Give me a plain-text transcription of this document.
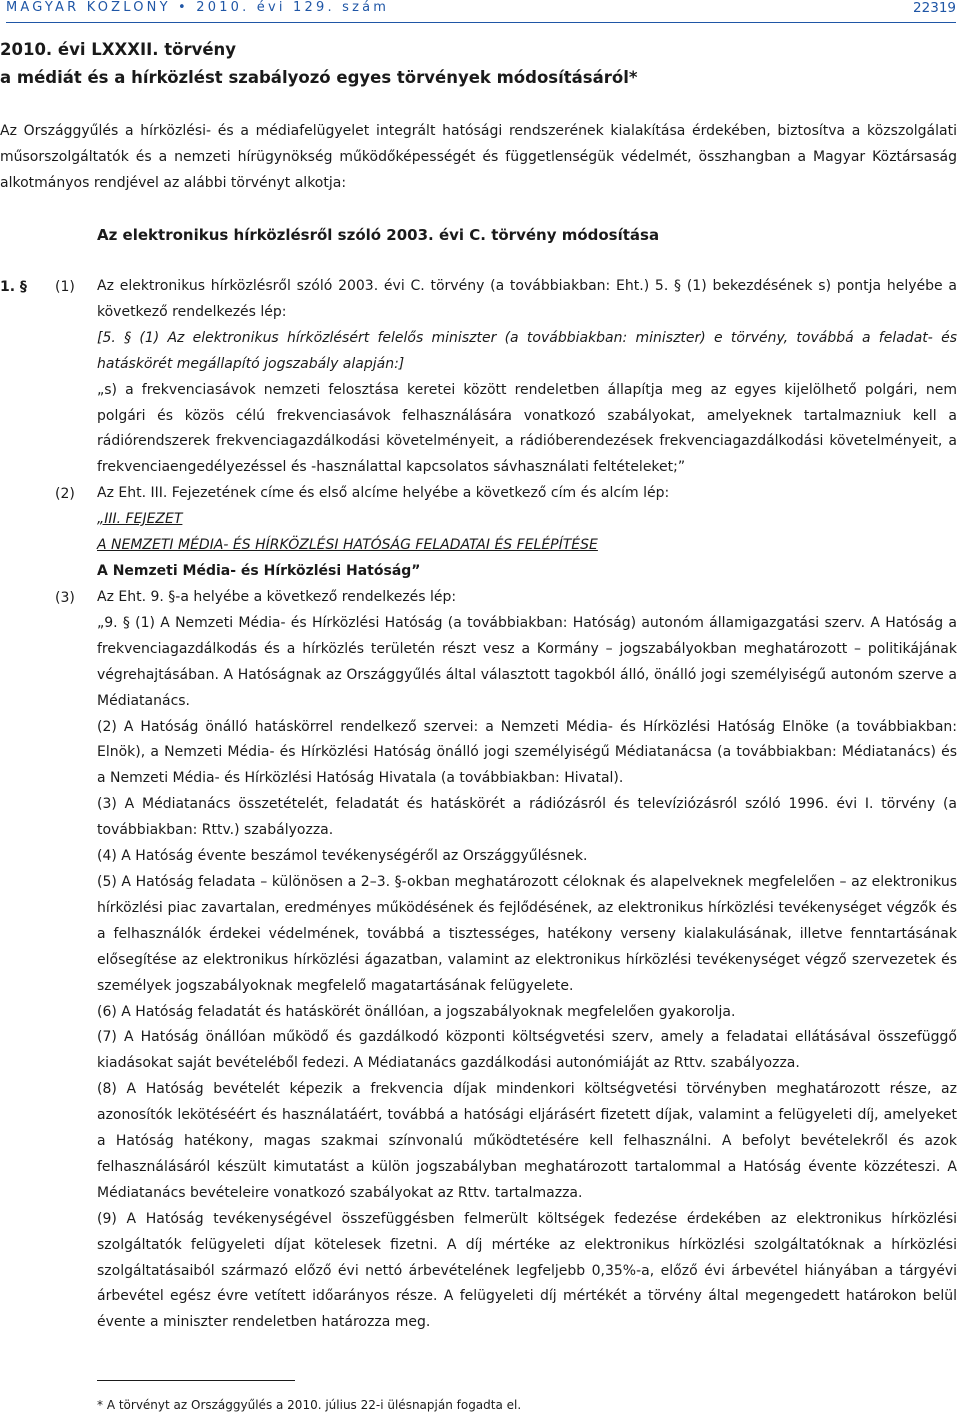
MAGYAR KÖZLÖNY • 2010. évi 129. szám	22319
2010. évi LXXXII. törvény
a médiát és a hírközlést szabályozó egyes törvények módosításáról*
Az Országgyűlés a hírközlési- és a médiafelügyelet integrált hatósági rendszerének kialakítása érdekében, biztosítva a közszolgálati műsorszolgáltatók és a nemzeti hírügynökség működőképességét és függetlenségük védelmét, összhangban a Magyar Köztársaság alkotmányos rendjével az alábbi törvényt alkotja:
Az elektronikus hírközlésről szóló 2003. évi C. törvény módosítása
1. § (1) Az elektronikus hírközlésről szóló 2003. évi C. törvény (a továbbiakban: Eht.) 5. § (1) bekezdésének s) pontja helyébe a következő rendelkezés lép:

[5. § (1) Az elektronikus hírközlésért felelős miniszter (a továbbiakban: miniszter) e törvény, továbbá a feladat- és hatáskörét megállapító jogszabály alapján:]

„s) a frekvenciasávok nemzeti felosztása keretei között rendeletben állapítja meg az egyes kijelölhető polgári, nem polgári és közös célú frekvenciasávok felhasználására vonatkozó szabályokat, amelyeknek tartalmazniuk kell a rádiórendszerek frekvenciagazdálkodási követelményeit, a rádióberendezések frekvenciagazdálkodási követelményeit, a frekvenciaengedélyezéssel és -használattal kapcsolatos sávhasználati feltételeket;”

(2) Az Eht. III. Fejezetének címe és első alcíme helyébe a következő cím és alcím lép:

„III. FEJEZET

A NEMZETI MÉDIA- ÉS HÍRKÖZLÉSI HATÓSÁG FELADATAI ÉS FELÉPÍTÉSE

A Nemzeti Média- és Hírközlési Hatóság”

(3) Az Eht. 9. §-a helyébe a következő rendelkezés lép:

„9. § (1) A Nemzeti Média- és Hírközlési Hatóság (a továbbiakban: Hatóság) autonóm államigazgatási szerv. A Hatóság a frekvenciagazdálkodás és a hírközlés területén részt vesz a Kormány – jogszabályokban meghatározott – politikájának végrehajtásában. A Hatóságnak az Országgyűlés által választott tagokból álló, önálló jogi személyiségű autonóm szerve a Médiatanács.

(2) A Hatóság önálló hatáskörrel rendelkező szervei: a Nemzeti Média- és Hírközlési Hatóság Elnöke (a továbbiakban: Elnök), a Nemzeti Média- és Hírközlési Hatóság önálló jogi személyiségű Médiatanácsa (a továbbiakban: Médiatanács) és a Nemzeti Média- és Hírközlési Hatóság Hivatala (a továbbiakban: Hivatal).

(3) A Médiatanács összetételét, feladatát és hatáskörét a rádiózásról és televíziózásról szóló 1996. évi I. törvény (a továbbiakban: Rttv.) szabályozza.

(4) A Hatóság évente beszámol tevékenységéről az Országgyűlésnek.

(5) A Hatóság feladata – különösen a 2–3. §-okban meghatározott céloknak és alapelveknek megfelelően – az elektronikus hírközlési piac zavartalan, eredményes működésének és fejlődésének, az elektronikus hírközlési tevékenységet végzők és a felhasználók érdekei védelmének, továbbá a tisztességes, hatékony verseny kialakulásának, illetve fenntartásának elősegítése az elektronikus hírközlési ágazatban, valamint az elektronikus hírközlési tevékenységet végző szervezetek és személyek jogszabályoknak megfelelő magatartásának felügyelete.

(6) A Hatóság feladatát és hatáskörét önállóan, a jogszabályoknak megfelelően gyakorolja.

(7) A Hatóság önállóan működő és gazdálkodó központi költségvetési szerv, amely a feladatai ellátásával összefüggő kiadásokat saját bevételéből fedezi. A Médiatanács gazdálkodási autonómiáját az Rttv. szabályozza.

(8) A Hatóság bevételét képezik a frekvencia díjak mindenkori költségvetési törvényben meghatározott része, az azonosítók lekötéséért és használatáért, továbbá a hatósági eljárásért fizetett díjak, valamint a felügyeleti díj, amelyeket a Hatóság hatékony, magas szakmai színvonalú működtetésére kell felhasználni. A befolyt bevételekről és azok felhasználásáról készült kimutatást a külön jogszabályban meghatározott tartalommal a Hatóság évente közzéteszi. A Médiatanács bevételeire vonatkozó szabályokat az Rttv. tartalmazza.

(9) A Hatóság tevékenységével összefüggésben felmerült költségek fedezése érdekében az elektronikus hírközlési szolgáltatók felügyeleti díjat kötelesek fizetni. A díj mértéke az elektronikus hírközlési szolgáltatóknak a hírközlési szolgáltatásaiból származó előző évi nettó árbevételének legfeljebb 0,35%-a, előző évi árbevétel hiányában a tárgyévi árbevétel egész évre vetített időarányos része. A felügyeleti díj mértékét a törvény által megengedett határokon belül évente a miniszter rendeletben határozza meg.

* A törvényt az Országgyűlés a 2010. július 22-i ülésnapján fogadta el.
